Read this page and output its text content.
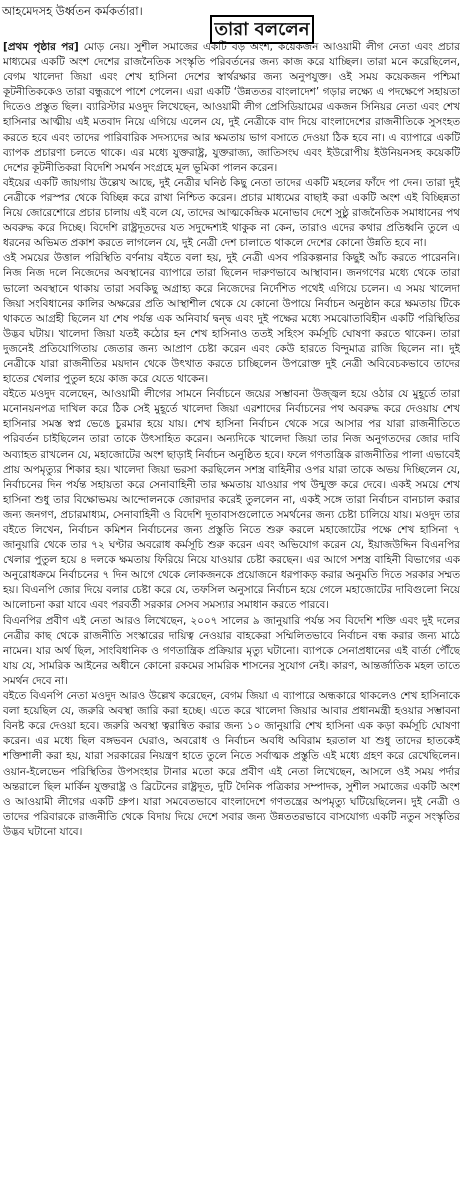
আহমেদসহ উর্ধ্বতন কর্মকর্তারা।
তারা বললেন

[প্রথম পৃষ্ঠার পর] মোড় নেয়। সুশীল সমাজের একটি বড় অংশ, কয়েকজন আওয়ামী লীগ নেতা এবং প্রচার মাধ্যমের একটি অংশ দেশের রাজনৈতিক সংস্কৃতি পরিবর্তনের জন্য কাজ করে যাচ্ছিল। তারা মনে করেছিলেন, বেগম খালেদা জিয়া এবং শেখ হাসিনা দেশের স্বার্থরক্ষার জন্য অনুপযুক্ত। ওই সময় কয়েকজন পশ্চিমা কূটনীতিককেও তারা বন্ধুরূপে পাশে পেলেন। এরা একটি ‘উন্নততর বাংলাদেশ’ গড়ার লক্ষ্যে এ পদক্ষেপে সহায়তা দিতেও প্রস্তুত ছিল। ব্যারিস্টার মওদুদ লিখেছেন, আওয়ামী লীগ প্রেসিডিয়ামের একজন সিনিয়র নেতা এবং শেখ হাসিনার আত্মীয় এই মতবাদ নিয়ে এগিয়ে এলেন যে, দুই নেত্রীকে বাদ দিয়ে বাংলাদেশের রাজনীতিকে সুসংহত করতে হবে এবং তাদের পারিবারিক সদস্যদের আর ক্ষমতায় ভাগ বসাতে দেওয়া ঠিক হবে না। এ ব্যাপারে একটি ব্যাপক প্রচারণা চলতে থাকে। এর মধ্যে যুক্তরাষ্ট্র, যুক্তরাজ্য, জাতিসংঘ এবং ইউরোপীয় ইউনিয়নসহ কয়েকটি দেশের কূটনীতিকরা বিদেশি সমর্থন সংগ্রহে মূল ভূমিকা পালন করেন।

বইয়ের একটি জায়গায় উল্লেখ আছে, দুই নেত্রীর ঘনিষ্ঠ কিছু নেতা তাদের একটি মহলের ফাঁদে পা দেন। তারা দুই নেত্রীকে পরস্পর থেকে বিচ্ছিন্ন করে রাখা নিশ্চিত করেন। প্রচার মাধ্যমের বাছাই করা একটি অংশ এই বিচ্ছিন্নতা নিয়ে জোরেশোরে প্রচার চালায় এই বলে যে, তাদের আত্মকেন্দ্রিক মনোভাব দেশে সুষ্ঠু রাজনৈতিক সমাধানের পথ অবরুদ্ধ করে দিচ্ছে। বিদেশি রাষ্ট্রদূতদের যত সদুদ্দেশ্যই থাকুক না কেন, তারাও এদের কথার প্রতিধ্বনি তুলে এ ধরনের অভিমত প্রকাশ করতে লাগলেন যে, দুই নেত্রী দেশ চালাতে থাকলে দেশের কোনো উন্নতি হবে না।

ওই সময়ের উত্তাল পরিস্থিতি বর্ণনায় বইতে বলা হয়, দুই নেত্রী এসব পরিকল্পনার কিছুই আঁচ করতে পারেননি। নিজ নিজ দলে নিজেদের অবস্থানের ব্যাপারে তারা ছিলেন দারুণভাবে আস্থাবান। জনগণের মধ্যে থেকে তারা ভালো অবস্থানে থাকায় তারা সবকিছু অগ্রাহ্য করে নিজেদের নির্দেশিত পথেই এগিয়ে চলেন। এ সময় খালেদা জিয়া সংবিধানের কালির অক্ষরের প্রতি আস্থাশীল থেকে যে কোনো উপায়ে নির্বাচন অনুষ্ঠান করে ক্ষমতায় টিকে থাকতে আগ্রহী ছিলেন যা শেষ পর্যন্ত এক অনিবার্য দ্বন্দ্ব এবং দুই পক্ষের মধ্যে সমঝোতাবিহীন একটি পরিস্থিতির উদ্ভব ঘটায়। খালেদা জিয়া যতই কঠোর হন শেখ হাসিনাও ততই সহিংস কর্মসূচি ঘোষণা করতে থাকেন। তারা দুজনেই প্রতিযোগিতায় জেতার জন্য আপ্রাণ চেষ্টা করেন এবং কেউ হারতে বিন্দুমাত্র রাজি ছিলেন না। দুই নেত্রীকে যারা রাজনীতির ময়দান থেকে উৎখাত করতে চাচ্ছিলেন উপরোক্ত দুই নেত্রী অবিবেচকভাবে তাদের হাতের খেলার পুতুল হয়ে কাজ করে যেতে থাকেন।

বইতে মওদুদ বলেছেন, আওয়ামী লীগের সামনে নির্বাচনে জয়ের সম্ভাবনা উজ্জ্বল হয়ে ওঠার যে মুহূর্তে তারা মনোনয়নপত্র দাখিল করে ঠিক সেই মুহূর্তে খালেদা জিয়া এরশাদের নির্বাচনের পথ অবরুদ্ধ করে দেওয়ায় শেখ হাসিনার সমস্ত স্বপ্ন ভেঙে চুরমার হয়ে যায়। শেখ হাসিনা নির্বাচন থেকে সরে আসার পর যারা রাজনীতিতে পরিবর্তন চাইছিলেন তারা তাকে উৎসাহিত করেন। অন্যদিকে খালেদা জিয়া তার নিজ অনুগতদের জোর দাবি অব্যাহত রাখলেন যে, মহাজোটের অংশ ছাড়াই নির্বাচন অনুষ্ঠিত হবে। ফলে গণতান্ত্রিক রাজনীতির পালা এভাবেই প্রায় অপমৃত্যুর শিকার হয়। খালেদা জিয়া ভরসা করছিলেন সশস্ত্র বাহিনীর ওপর যারা তাকে অভয় দিচ্ছিলেন যে, নির্বাচনের দিন পর্যন্ত সহায়তা করে সেনাবাহিনী তার ক্ষমতায় যাওয়ার পথ উন্মুক্ত করে দেবে। একই সময়ে শেখ হাসিনা শুধু তার বিক্ষোভময় আন্দোলনকে জোরদার করেই তুললেন না, একই সঙ্গে তারা নির্বাচন বানচাল করার জন্য জনগণ, প্রচারমাধ্যম, সেনাবাহিনী ও বিদেশি দূতাবাসগুলোতে সমর্থনের জন্য চেষ্টা চালিয়ে যায়। মওদুদ তার বইতে লিখেন, নির্বাচন কমিশন নির্বাচনের জন্য প্রস্তুতি নিতে শুরু করলে মহাজোটের পক্ষে শেখ হাসিনা ৭ জানুয়ারি থেকে তার ৭২ ঘণ্টার অবরোধ কর্মসূচি শুরু করেন এবং অভিযোগ করেন যে, ইয়াজউদ্দিন বিএনপির খেলার পুতুল হয়ে ৪ দলকে ক্ষমতায় ফিরিয়ে নিয়ে যাওয়ার চেষ্টা করছেন। এর আগে সশস্ত্র বাহিনী বিভাগের এক অনুরোধক্রমে নির্বাচনের ৭ দিন আগে থেকে লোকজনকে প্রয়োজনে ধরপাকড় করার অনুমতি দিতে সরকার সম্মত হয়। বিএনপি জোর দিয়ে বলার চেষ্টা করে যে, তফসিল অনুসারে নির্বাচন হয়ে গেলে মহাজোটের দাবিগুলো নিয়ে আলোচনা করা যাবে এবং পরবর্তী সরকার সেসব সমস্যার সমাধান করতে পারবে।

বিএনপির প্রবীণ এই নেতা আরও লিখেছেন, ২০০৭ সালের ৯ জানুয়ারি পর্যন্ত সব বিদেশি শক্তি এবং দুই দলের নেত্রীর কাছ থেকে রাজনীতি সংস্কারের দায়িত্ব নেওয়ার বাহকেরা সম্মিলিতভাবে নির্বাচন বন্ধ করার জন্য মাঠে নামেন। যার অর্থ ছিল, সাংবিধানিক ও গণতান্ত্রিক প্রক্রিয়ার মৃত্যু ঘটানো। ব্যাপকে সেনাপ্রধানের এই বার্তা পৌঁছে যায় যে, সামরিক আইনের অধীনে কোনো রকমের সামরিক শাসনের সুযোগ নেই। কারণ, আন্তর্জাতিক মহল তাতে সমর্থন দেবে না।

বইতে বিএনপি নেতা মওদুদ আরও উল্লেখ করেছেন, বেগম জিয়া এ ব্যাপারে অন্ধকারে থাকলেও শেখ হাসিনাকে বলা হয়েছিল যে, জরুরি অবস্থা জারি করা হচ্ছে। এতে করে খালেদা জিয়ার আবার প্রধানমন্ত্রী হওয়ার সম্ভাবনা বিনষ্ট করে দেওয়া হবে। জরুরি অবস্থা ত্বরান্বিত করার জন্য ১০ জানুয়ারি শেখ হাসিনা এক কড়া কর্মসূচি ঘোষণা করেন। এর মধ্যে ছিল বঙ্গভবন ঘেরাও, অবরোধ ও নির্বাচন অবধি অবিরাম হরতাল যা শুধু তাদের হাতকেই শক্তিশালী করা হয়, যারা সরকারের নিয়ন্ত্রণ হাতে তুলে নিতে সর্বাত্মক প্রস্তুতি এই মধ্যে গ্রহণ করে রেখেছিলেন। ওয়ান-ইলেভেন পরিস্থিতির উপসংহার টানার মতো করে প্রবীণ এই নেতা লিখেছেন, আসলে ওই সময় পর্দার অন্তরালে ছিল মার্কিন যুক্তরাষ্ট্র ও ব্রিটেনের রাষ্ট্রদূত, দুটি দৈনিক পত্রিকার সম্পাদক, সুশীল সমাজের একটি অংশ ও আওয়ামী লীগের একটি গ্রুপ। যারা সমবেতভাবে বাংলাদেশে গণতন্ত্রের অপমৃত্যু ঘটিয়েছিলেন। দুই নেত্রী ও তাদের পরিবারকে রাজনীতি থেকে বিদায় দিয়ে দেশে সবার জন্য উন্নততরভাবে বাসযোগ্য একটি নতুন সংস্কৃতির উদ্ভব ঘটানো যাবে।
